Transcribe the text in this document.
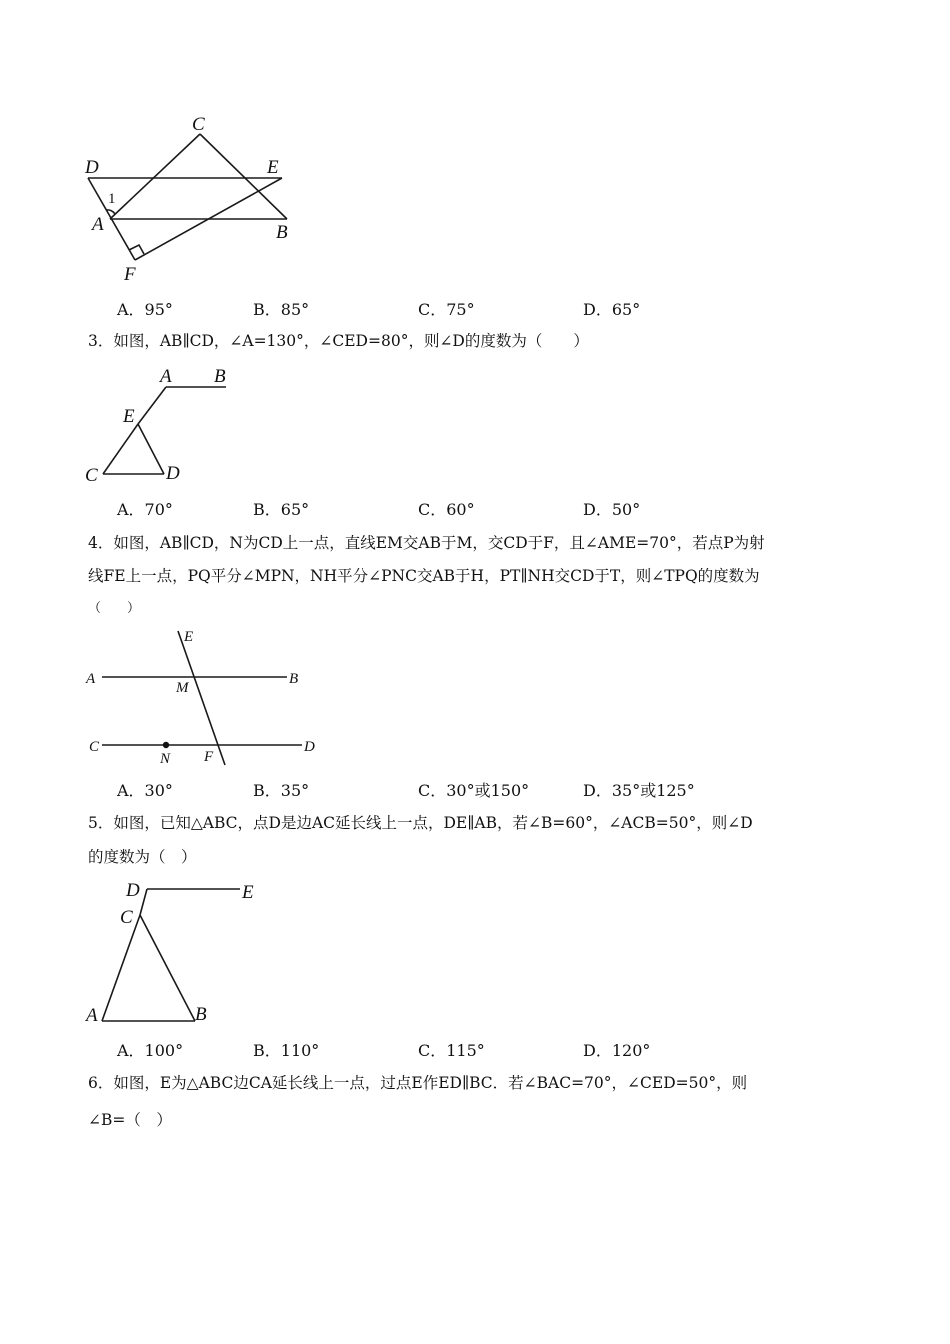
C
D	E
A	B
F
1
A．95°	B．85°	C．75°	D．65°
3．如图，AB∥CD，∠A=130°，∠CED=80°，则∠D的度数为（　　）
A B
E
C	D
A．70°	B．65°	C．60°	D．50°
4．如图，AB∥CD，N为CD上一点，直线EM交AB于M，交CD于F，且∠AME=70°，若点P为射
线FE上一点，PQ平分∠MPN，NH平分∠PNC交AB于H，PT∥NH交CD于T，则∠TPQ的度数为
（　　）
E
A
M
B
C
N F
D
A．30°	B．35°	C．30°或150°	D．35°或125°
5．如图，已知△ABC，点D是边AC延长线上一点，DE∥AB，若∠B=60°，∠ACB=50°，则∠D
的度数为（　）
D	E
C
A	B
A．100°	B．110°	C．115°	D．120°
6．如图，E为△ABC边CA延长线上一点，过点E作ED∥BC．若∠BAC=70°，∠CED=50°，则
∠B=（　）
